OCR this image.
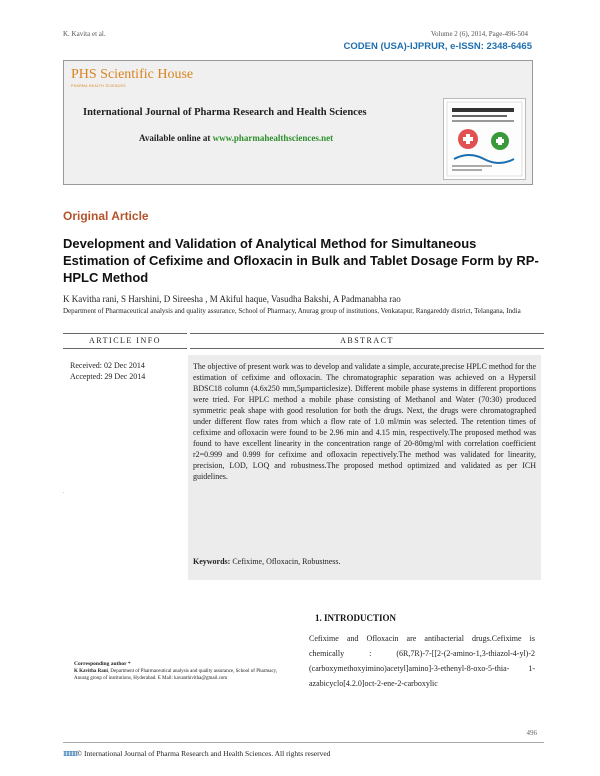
K. Kavita et al.	Volume 2 (6), 2014, Page-496-504
CODEN (USA)-IJPRUR, e-ISSN: 2348-6465
PHS Scientific House
PHARMA HEALTH SCIENCES
International Journal of Pharma Research and Health Sciences
Available online at www.pharmahealthsciences.net
Original Article
Development and Validation of Analytical Method for Simultaneous Estimation of Cefixime and Ofloxacin in Bulk and Tablet Dosage Form by RP-HPLC Method
K Kavitha rani, S Harshini, D Sireesha , M Akiful haque, Vasudha Bakshi, A Padmanabha rao
Department of Pharmaceutical analysis and quality assurance, School of Pharmacy, Anurag group of institutions, Venkatapur, Rangareddy district, Telangana, India
ARTICLE INFO	ABSTRACT
Received: 02 Dec 2014
Accepted: 29 Dec 2014
.
The objective of present work was to develop and validate a simple, accurate,precise HPLC method for the estimation of cefixime and ofloxacin. The chromatographic separation was achieved on a Hypersil BDSC18 column (4.6x250 mm,5μmparticlesize). Different mobile phase systems in different proportions were tried. For HPLC method a mobile phase consisting of Methanol and Water (70:30) produced symmetric peak shape with good resolution for both the drugs. Next, the drugs were chromatographed under different flow rates from which a flow rate of 1.0 ml/min was selected. The retention times of cefixime and ofloxacin were found to be 2.96 min and 4.15 min, respectively.The proposed method was found to have excellent linearity in the concentration range of 20-80mg/ml with correlation coefficient r2=0.999 and 0.999 for cefixime and ofloxacin repectively.The method was validated for linearity, precision, LOD, LOQ and robustness.The proposed method optimized and validated as per ICH guidelines.
Keywords: Cefixime, Ofloxacin, Robustness.
1. INTRODUCTION
Cefixime and Ofloxacin are antibacterial drugs.Cefixime is chemically : (6R,7R)-7-[[2-(2-amino-1,3-thiazol-4-yl)-2 (carboxymethoxyimino)acetyl]amino]-3-ethenyl-8-oxo-5-thia- 1-azabicyclo[4.2.0]oct-2-ene-2-carboxylic
Corresponding author *
K Kavitha Rani, Department of Pharmaceutical analysis and quality assurance, School of Pharmacy, Anurag group of institutions, Hyderabad. E Mail: kavanthivitha@gmail.com
496
IIIIIIIII© International Journal of Pharma Research and Health Sciences. All rights reserved
